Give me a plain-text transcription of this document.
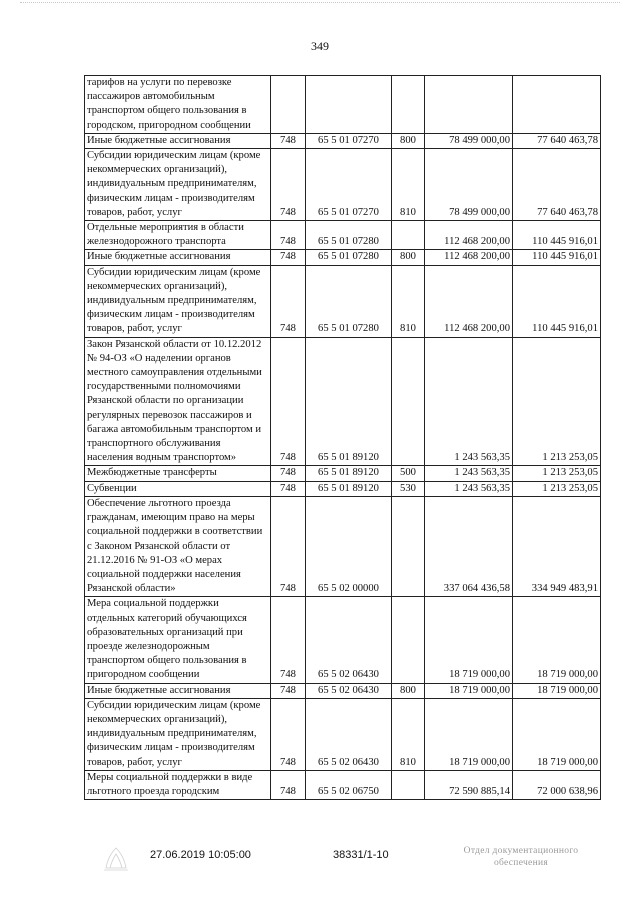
349
тарифов на услуги по перевозке пассажиров автомобильным транспортом общего пользования в городском, пригородном сообщении					
Иные бюджетные ассигнования	748	65 5 01 07270	800	78 499 000,00	77 640 463,78
Субсидии юридическим лицам (кроме некоммерческих организаций), индивидуальным предпринимателям, физическим лицам - производителям товаров, работ, услуг	748	65 5 01 07270	810	78 499 000,00	77 640 463,78
Отдельные мероприятия в области железнодорожного транспорта	748	65 5 01 07280		112 468 200,00	110 445 916,01
Иные бюджетные ассигнования	748	65 5 01 07280	800	112 468 200,00	110 445 916,01
Субсидии юридическим лицам (кроме некоммерческих организаций), индивидуальным предпринимателям, физическим лицам - производителям товаров, работ, услуг	748	65 5 01 07280	810	112 468 200,00	110 445 916,01
Закон Рязанской области от 10.12.2012 № 94-ОЗ «О наделении органов местного самоуправления отдельными государственными полномочиями Рязанской области по организации регулярных перевозок пассажиров и багажа автомобильным транспортом и транспортного обслуживания населения водным транспортом»	748	65 5 01 89120		1 243 563,35	1 213 253,05
Межбюджетные трансферты	748	65 5 01 89120	500	1 243 563,35	1 213 253,05
Субвенции	748	65 5 01 89120	530	1 243 563,35	1 213 253,05
Обеспечение льготного проезда гражданам, имеющим право на меры социальной поддержки в соответствии с Законом Рязанской области от 21.12.2016 № 91-ОЗ «О мерах социальной поддержки населения Рязанской области»	748	65 5 02 00000		337 064 436,58	334 949 483,91
Мера социальной поддержки отдельных категорий обучающихся образовательных организаций при проезде железнодорожным транспортом общего пользования в пригородном сообщении	748	65 5 02 06430		18 719 000,00	18 719 000,00
Иные бюджетные ассигнования	748	65 5 02 06430	800	18 719 000,00	18 719 000,00
Субсидии юридическим лицам (кроме некоммерческих организаций), индивидуальным предпринимателям, физическим лицам - производителям товаров, работ, услуг	748	65 5 02 06430	810	18 719 000,00	18 719 000,00
Меры социальной поддержки в виде льготного проезда городским	748	65 5 02 06750		72 590 885,14	72 000 638,96
27.06.2019 10:05:00	38331/1-10	Отдел документационного
обеспечения
